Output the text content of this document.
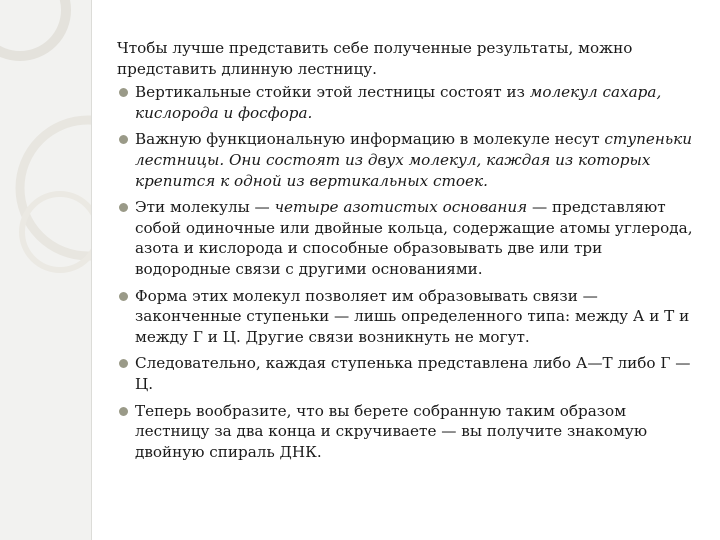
Чтобы лучше представить себе полученные результаты, можно представить длинную лестницу.

Вертикальные стойки этой лестницы состоят из молекул сахара, кислорода и фосфора.
Важную функциональную информацию в молекуле несут ступеньки лестницы. Они состоят из двух молекул, каждая из которых крепится к одной из вертикальных стоек.
Эти молекулы — четыре азотистых основания — представляют собой одиночные или двойные кольца, содержащие атомы углерода, азота и кислорода и способные образовывать две или три водородные связи с другими основаниями.
Форма этих молекул позволяет им образовывать связи — законченные ступеньки — лишь определенного типа: между А и Т и между Г и Ц. Другие связи возникнуть не могут.
Следовательно, каждая ступенька представлена либо А—Т либо Г —Ц.
Теперь вообразите, что вы берете собранную таким образом лестницу за два конца и скручиваете — вы получите знакомую двойную спираль ДНК.
